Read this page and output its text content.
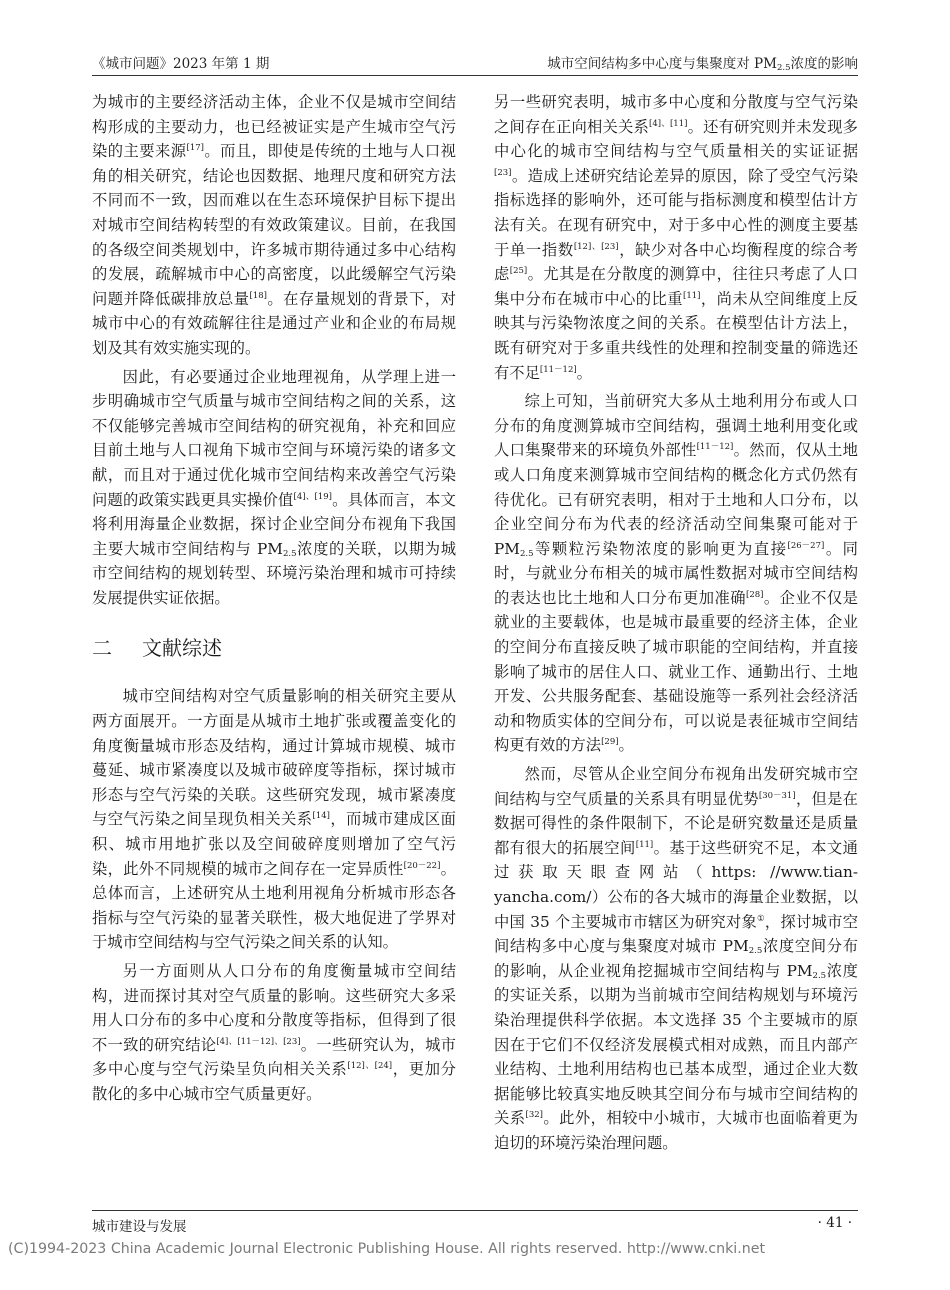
《城市问题》2023 年第 1 期	城市空间结构多中心度与集聚度对 $PM_{2.5}$浓度的影响

为城市的主要经济活动主体，企业不仅是城市空间结构形成的主要动力，也已经被证实是产生城市空气污染的主要来源[17]。而且，即使是传统的土地与人口视角的相关研究，结论也因数据、地理尺度和研究方法不同而不一致，因而难以在生态环境保护目标下提出对城市空间结构转型的有效政策建议。目前，在我国的各级空间类规划中，许多城市期待通过多中心结构的发展，疏解城市中心的高密度，以此缓解空气污染问题并降低碳排放总量[18]。在存量规划的背景下，对城市中心的有效疏解往往是通过产业和企业的布局规划及其有效实施实现的。

因此，有必要通过企业地理视角，从学理上进一步明确城市空气质量与城市空间结构之间的关系，这不仅能够完善城市空间结构的研究视角，补充和回应目前土地与人口视角下城市空间与环境污染的诸多文献，而且对于通过优化城市空间结构来改善空气污染问题的政策实践更具实操价值[4]、[19]。具体而言，本文将利用海量企业数据，探讨企业空间分布视角下我国主要大城市空间结构与 $PM_{2.5}$浓度的关联，以期为城市空间结构的规划转型、环境污染治理和城市可持续发展提供实证依据。

二 文献综述

城市空间结构对空气质量影响的相关研究主要从两方面展开。一方面是从城市土地扩张或覆盖变化的角度衡量城市形态及结构，通过计算城市规模、城市蔓延、城市紧凑度以及城市破碎度等指标，探讨城市形态与空气污染的关联。这些研究发现，城市紧凑度与空气污染之间呈现负相关关系[14]，而城市建成区面积、城市用地扩张以及空间破碎度则增加了空气污染，此外不同规模的城市之间存在一定异质性[20－22]。总体而言，上述研究从土地利用视角分析城市形态各指标与空气污染的显著关联性，极大地促进了学界对于城市空间结构与空气污染之间关系的认知。

另一方面则从人口分布的角度衡量城市空间结构，进而探讨其对空气质量的影响。这些研究大多采用人口分布的多中心度和分散度等指标，但得到了很不一致的研究结论[4]、[11－12]、[23]。一些研究认为，城市多中心度与空气污染呈负向相关关系[12]、[24]，更加分散化的多中心城市空气质量更好。

另一些研究表明，城市多中心度和分散度与空气污染之间存在正向相关关系[4]、[11]。还有研究则并未发现多中心化的城市空间结构与空气质量相关的实证证据[23]。造成上述研究结论差异的原因，除了受空气污染指标选择的影响外，还可能与指标测度和模型估计方法有关。在现有研究中，对于多中心性的测度主要基于单一指数[12]、[23]，缺少对各中心均衡程度的综合考虑[25]。尤其是在分散度的测算中，往往只考虑了人口集中分布在城市中心的比重[11]，尚未从空间维度上反映其与污染物浓度之间的关系。在模型估计方法上，既有研究对于多重共线性的处理和控制变量的筛选还有不足[11－12]。

综上可知，当前研究大多从土地利用分布或人口分布的角度测算城市空间结构，强调土地利用变化或人口集聚带来的环境负外部性[11－12]。然而，仅从土地或人口角度来测算城市空间结构的概念化方式仍然有待优化。已有研究表明，相对于土地和人口分布，以企业空间分布为代表的经济活动空间集聚可能对于 $PM_{2.5}$等颗粒污染物浓度的影响更为直接[26－27]。同时，与就业分布相关的城市属性数据对城市空间结构的表达也比土地和人口分布更加准确[28]。企业不仅是就业的主要载体，也是城市最重要的经济主体，企业的空间分布直接反映了城市职能的空间结构，并直接影响了城市的居住人口、就业工作、通勤出行、土地开发、公共服务配套、基础设施等一系列社会经济活动和物质实体的空间分布，可以说是表征城市空间结构更有效的方法[29]。

然而，尽管从企业空间分布视角出发研究城市空间结构与空气质量的关系具有明显优势[30－31]，但是在数据可得性的条件限制下，不论是研究数量还是质量都有很大的拓展空间[11]。基于这些研究不足，本文通过获取天眼查网站（https: //www.tian-yancha.com/）公布的各大城市的海量企业数据，以中国 35 个主要城市市辖区为研究对象①，探讨城市空间结构多中心度与集聚度对城市 $PM_{2.5}$浓度空间分布的影响，从企业视角挖掘城市空间结构与 $PM_{2.5}$浓度的实证关系，以期为当前城市空间结构规划与环境污染治理提供科学依据。本文选择 35 个主要城市的原因在于它们不仅经济发展模式相对成熟，而且内部产业结构、土地利用结构也已基本成型，通过企业大数据能够比较真实地反映其空间分布与城市空间结构的关系[32]。此外，相较中小城市，大城市也面临着更为迫切的环境污染治理问题。

城市建设与发展	· 41 ·
(C)1994-2023 China Academic Journal Electronic Publishing House. All rights reserved. http://www.cnki.net
